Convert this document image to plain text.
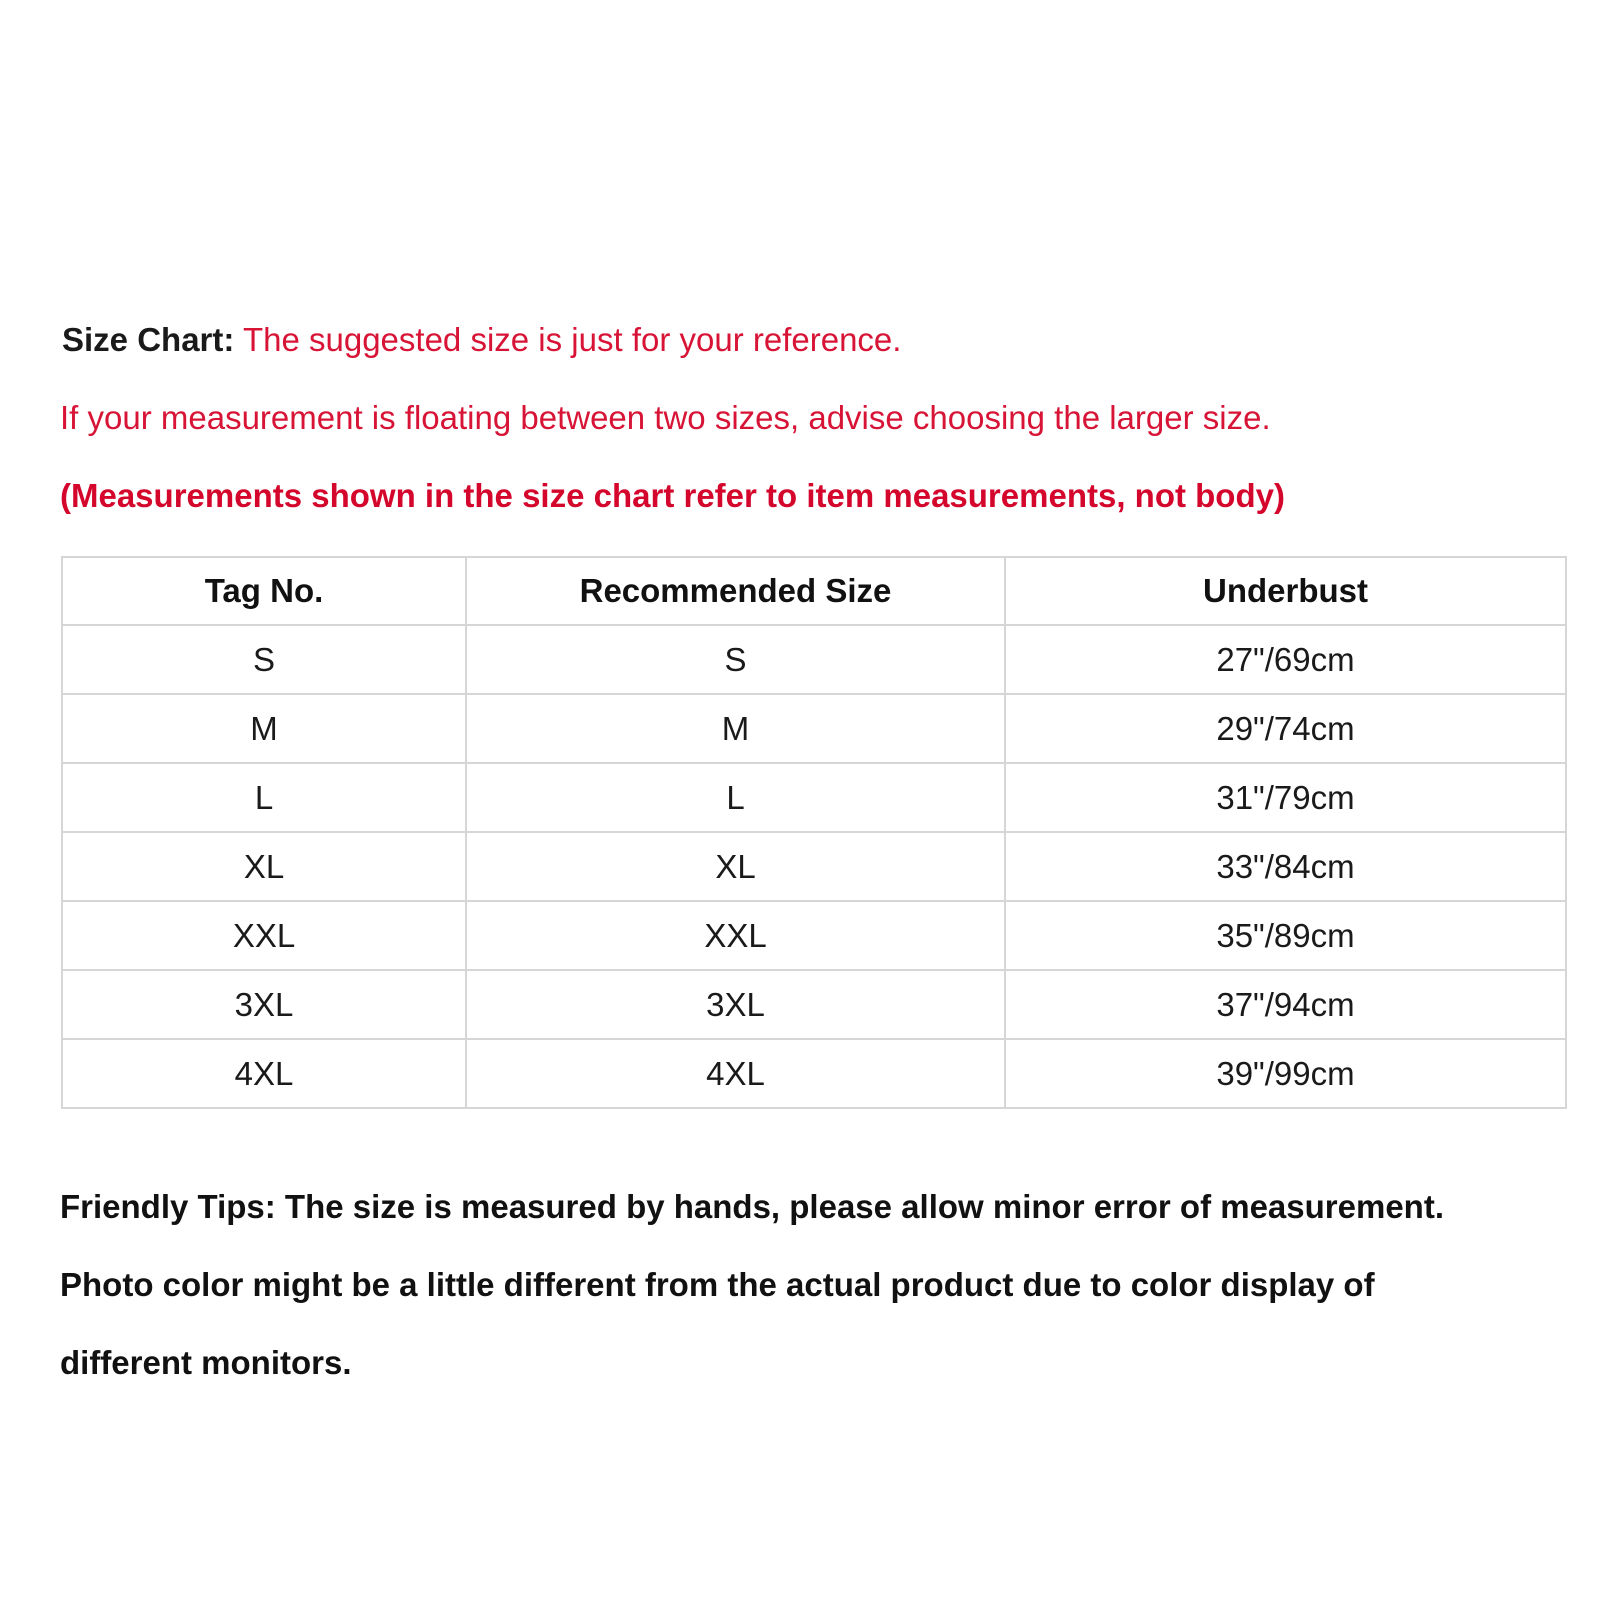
Size Chart: The suggested size is just for your reference.

If your measurement is floating between two sizes, advise choosing the larger size.

(Measurements shown in the size chart refer to item measurements, not body)

Tag No.	Recommended Size	Underbust
S	S	27"/69cm
M	M	29"/74cm
L	L	31"/79cm
XL	XL	33"/84cm
XXL	XXL	35"/89cm
3XL	3XL	37"/94cm
4XL	4XL	39"/99cm

Friendly Tips: The size is measured by hands, please allow minor error of measurement.

Photo color might be a little different from the actual product due to color display of

different monitors.
